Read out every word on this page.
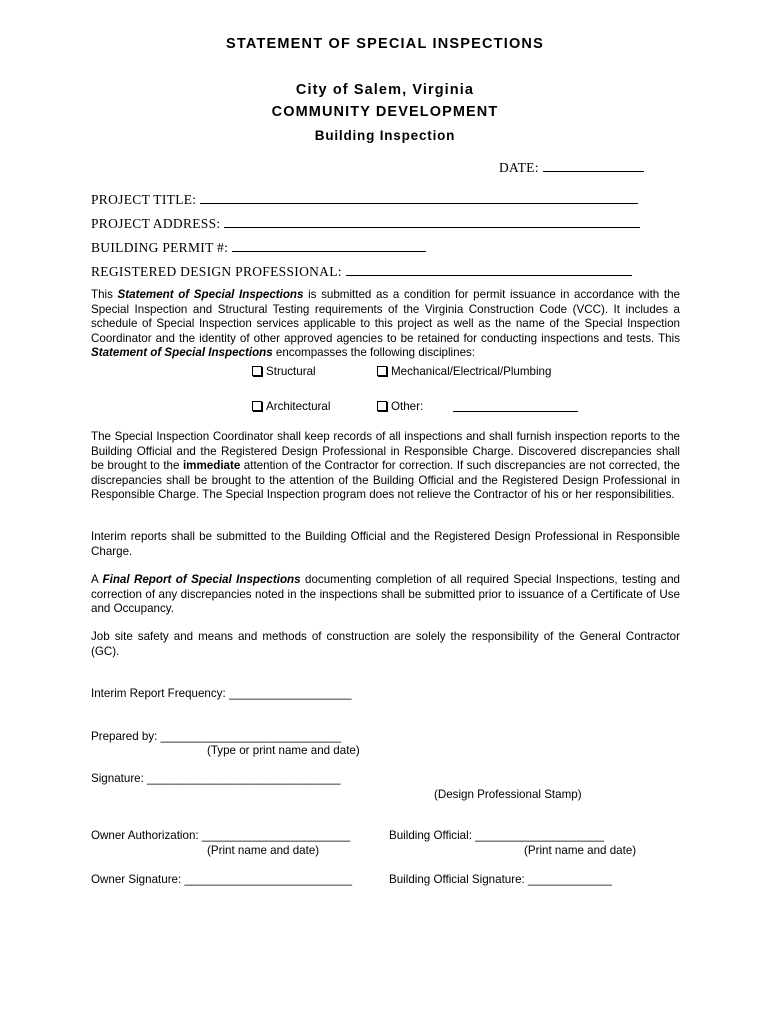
STATEMENT OF SPECIAL INSPECTIONS
City of Salem, Virginia
COMMUNITY DEVELOPMENT
Building Inspection
DATE:
PROJECT TITLE:
PROJECT ADDRESS:
BUILDING PERMIT #:
REGISTERED DESIGN PROFESSIONAL:
This Statement of Special Inspections is submitted as a condition for permit issuance in accordance with the Special Inspection and Structural Testing requirements of the Virginia Construction Code (VCC). It includes a schedule of Special Inspection services applicable to this project as well as the name of the Special Inspection Coordinator and the identity of other approved agencies to be retained for conducting inspections and tests. This Statement of Special Inspections encompasses the following disciplines:
Structural	Mechanical/Electrical/Plumbing
Architectural	Other:
The Special Inspection Coordinator shall keep records of all inspections and shall furnish inspection reports to the Building Official and the Registered Design Professional in Responsible Charge. Discovered discrepancies shall be brought to the immediate attention of the Contractor for correction. If such discrepancies are not corrected, the discrepancies shall be brought to the attention of the Building Official and the Registered Design Professional in Responsible Charge. The Special Inspection program does not relieve the Contractor of his or her responsibilities.
Interim reports shall be submitted to the Building Official and the Registered Design Professional in Responsible Charge.
A Final Report of Special Inspections documenting completion of all required Special Inspections, testing and correction of any discrepancies noted in the inspections shall be submitted prior to issuance of a Certificate of Use and Occupancy.
Job site safety and means and methods of construction are solely the responsibility of the General Contractor (GC).
Interim Report Frequency: ___________________
Prepared by: ____________________________
(Type or print name and date)
Signature: ______________________________
(Design Professional Stamp)
Owner Authorization: _______________________
(Print name and date)
Building Official: ____________________
(Print name and date)
Owner Signature: __________________________	Building Official Signature: _____________
